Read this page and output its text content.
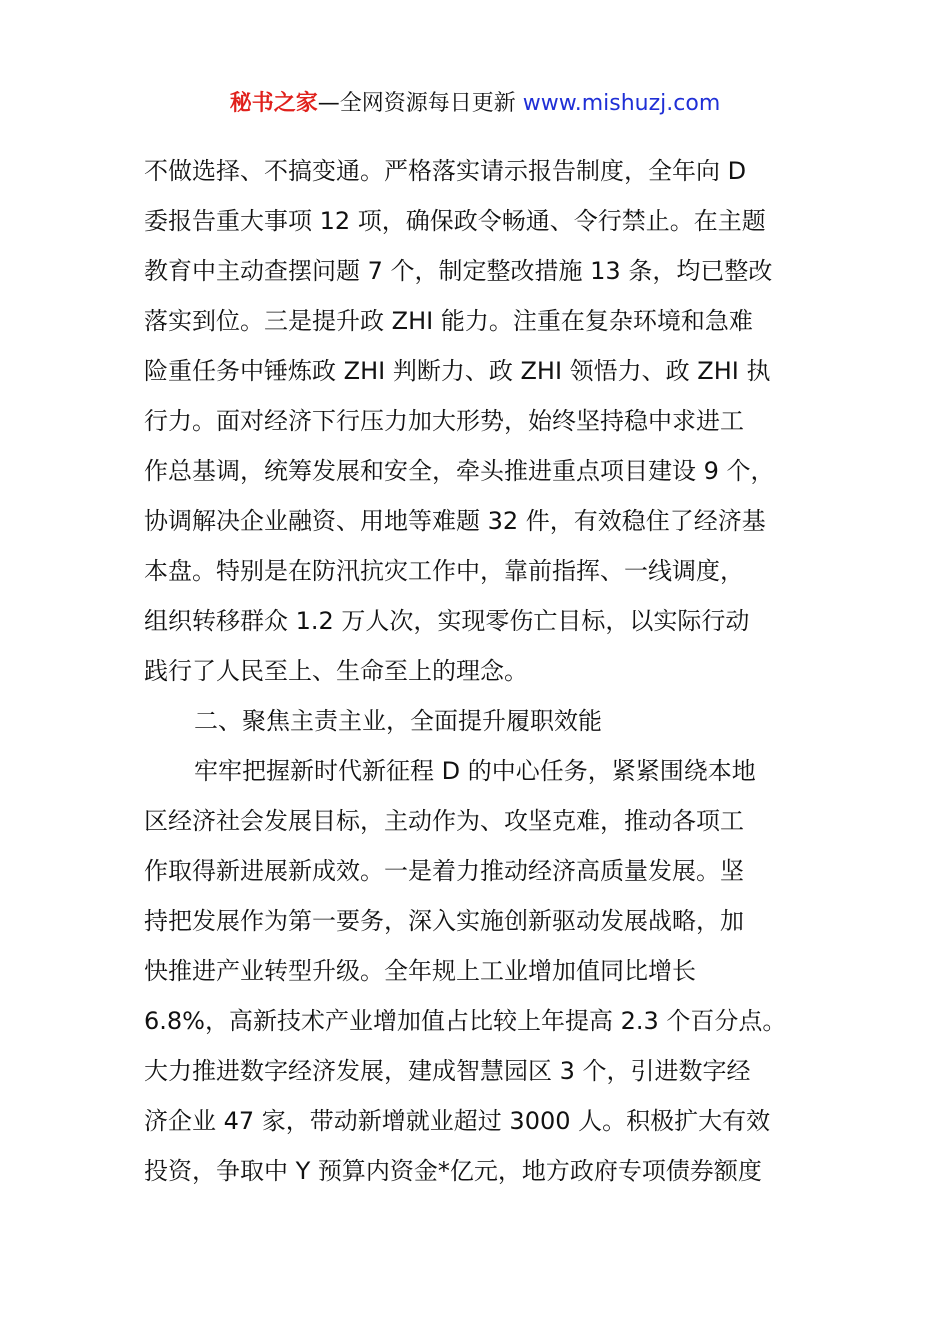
秘书之家—全网资源每日更新 www.mishuzj.com
不做选择、不搞变通。严格落实请示报告制度，全年向 D
委报告重大事项 12 项，确保政令畅通、令行禁止。在主题
教育中主动查摆问题 7 个，制定整改措施 13 条，均已整改
落实到位。三是提升政 ZHI 能力。注重在复杂环境和急难
险重任务中锤炼政 ZHI 判断力、政 ZHI 领悟力、政 ZHI 执
行力。面对经济下行压力加大形势，始终坚持稳中求进工
作总基调，统筹发展和安全，牵头推进重点项目建设 9 个，
协调解决企业融资、用地等难题 32 件，有效稳住了经济基
本盘。特别是在防汛抗灾工作中，靠前指挥、一线调度，
组织转移群众 1.2 万人次，实现零伤亡目标，以实际行动
践行了人民至上、生命至上的理念。
二、聚焦主责主业，全面提升履职效能
牢牢把握新时代新征程 D 的中心任务，紧紧围绕本地
区经济社会发展目标，主动作为、攻坚克难，推动各项工
作取得新进展新成效。一是着力推动经济高质量发展。坚
持把发展作为第一要务，深入实施创新驱动发展战略，加
快推进产业转型升级。全年规上工业增加值同比增长
6.8%，高新技术产业增加值占比较上年提高 2.3 个百分点。
大力推进数字经济发展，建成智慧园区 3 个，引进数字经
济企业 47 家，带动新增就业超过 3000 人。积极扩大有效
投资，争取中 Y 预算内资金*亿元，地方政府专项债券额度
